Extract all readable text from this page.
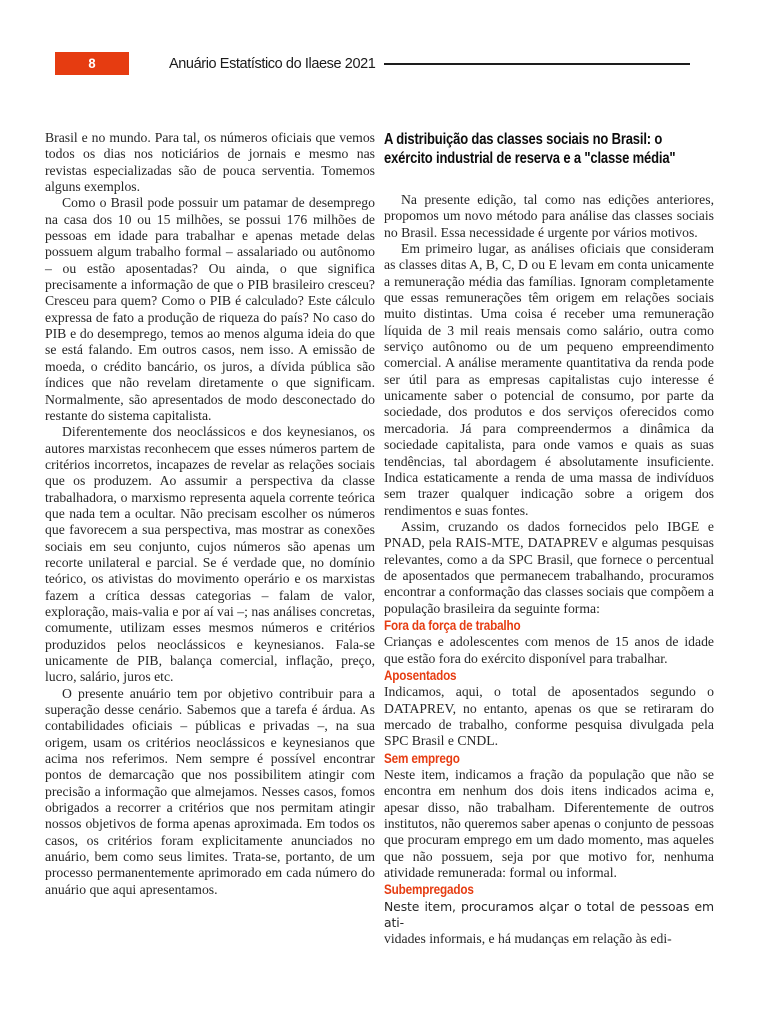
8	Anuário Estatístico do Ilaese 2021

Brasil e no mundo. Para tal, os números oficiais que vemos todos os dias nos noticiários de jornais e mesmo nas revistas especializadas são de pouca serventia. Tomemos alguns exemplos.

Como o Brasil pode possuir um patamar de desemprego na casa dos 10 ou 15 milhões, se possui 176 milhões de pessoas em idade para trabalhar e apenas metade delas possuem algum trabalho formal – assalariado ou autônomo – ou estão aposentadas? Ou ainda, o que significa precisamente a informação de que o PIB brasileiro cresceu? Cresceu para quem? Como o PIB é calculado? Este cálculo expressa de fato a produção de riqueza do país? No caso do PIB e do desemprego, temos ao menos alguma ideia do que se está falando. Em outros casos, nem isso. A emissão de moeda, o crédito bancário, os juros, a dívida pública são índices que não revelam diretamente o que significam. Normalmente, são apresentados de modo desconectado do restante do sistema capitalista.

Diferentemente dos neoclássicos e dos keynesianos, os autores marxistas reconhecem que esses números partem de critérios incorretos, incapazes de revelar as relações sociais que os produzem. Ao assumir a perspectiva da classe trabalhadora, o marxismo representa aquela corrente teórica que nada tem a ocultar. Não precisam escolher os números que favorecem a sua perspectiva, mas mostrar as conexões sociais em seu conjunto, cujos números são apenas um recorte unilateral e parcial. Se é verdade que, no domínio teórico, os ativistas do movimento operário e os marxistas fazem a crítica dessas categorias – falam de valor, exploração, mais-valia e por aí vai –; nas análises concretas, comumente, utilizam esses mesmos números e critérios produzidos pelos neoclássicos e keynesianos. Fala-se unicamente de PIB, balança comercial, inflação, preço, lucro, salário, juros etc.

O presente anuário tem por objetivo contribuir para a superação desse cenário. Sabemos que a tarefa é árdua. As contabilidades oficiais – públicas e privadas –, na sua origem, usam os critérios neoclássicos e keynesianos que acima nos referimos. Nem sempre é possível encontrar pontos de demarcação que nos possibilitem atingir com precisão a informação que almejamos. Nesses casos, fomos obrigados a recorrer a critérios que nos permitam atingir nossos objetivos de forma apenas aproximada. Em todos os casos, os critérios foram explicitamente anunciados no anuário, bem como seus limites. Trata-se, portanto, de um processo permanentemente aprimorado em cada número do anuário que aqui apresentamos.

A distribuição das classes sociais no Brasil: o exército industrial de reserva e a "classe média"

Na presente edição, tal como nas edições anteriores, propomos um novo método para análise das classes sociais no Brasil. Essa necessidade é urgente por vários motivos.

Em primeiro lugar, as análises oficiais que consideram as classes ditas A, B, C, D ou E levam em conta unicamente a remuneração média das famílias. Ignoram completamente que essas remunerações têm origem em relações sociais muito distintas. Uma coisa é receber uma remuneração líquida de 3 mil reais mensais como salário, outra como serviço autônomo ou de um pequeno empreendimento comercial. A análise meramente quantitativa da renda pode ser útil para as empresas capitalistas cujo interesse é unicamente saber o potencial de consumo, por parte da sociedade, dos produtos e dos serviços oferecidos como mercadoria. Já para compreendermos a dinâmica da sociedade capitalista, para onde vamos e quais as suas tendências, tal abordagem é absolutamente insuficiente. Indica estaticamente a renda de uma massa de indivíduos sem trazer qualquer indicação sobre a origem dos rendimentos e suas fontes.

Assim, cruzando os dados fornecidos pelo IBGE e PNAD, pela RAIS-MTE, DATAPREV e algumas pesquisas relevantes, como a da SPC Brasil, que fornece o percentual de aposentados que permanecem trabalhando, procuramos encontrar a conformação das classes sociais que compõem a população brasileira da seguinte forma:

Fora da força de trabalho

Crianças e adolescentes com menos de 15 anos de idade que estão fora do exército disponível para trabalhar.

Aposentados

Indicamos, aqui, o total de aposentados segundo o DATAPREV, no entanto, apenas os que se retiraram do mercado de trabalho, conforme pesquisa divulgada pela SPC Brasil e CNDL.

Sem emprego

Neste item, indicamos a fração da população que não se encontra em nenhum dos dois itens indicados acima e, apesar disso, não trabalham. Diferentemente de outros institutos, não queremos saber apenas o conjunto de pessoas que procuram emprego em um dado momento, mas aqueles que não possuem, seja por que motivo for, nenhuma atividade remunerada: formal ou informal.

Subempregados

Neste item, procuramos alçar o total de pessoas em ati-
vidades informais, e há mudanças em relação às edi-
